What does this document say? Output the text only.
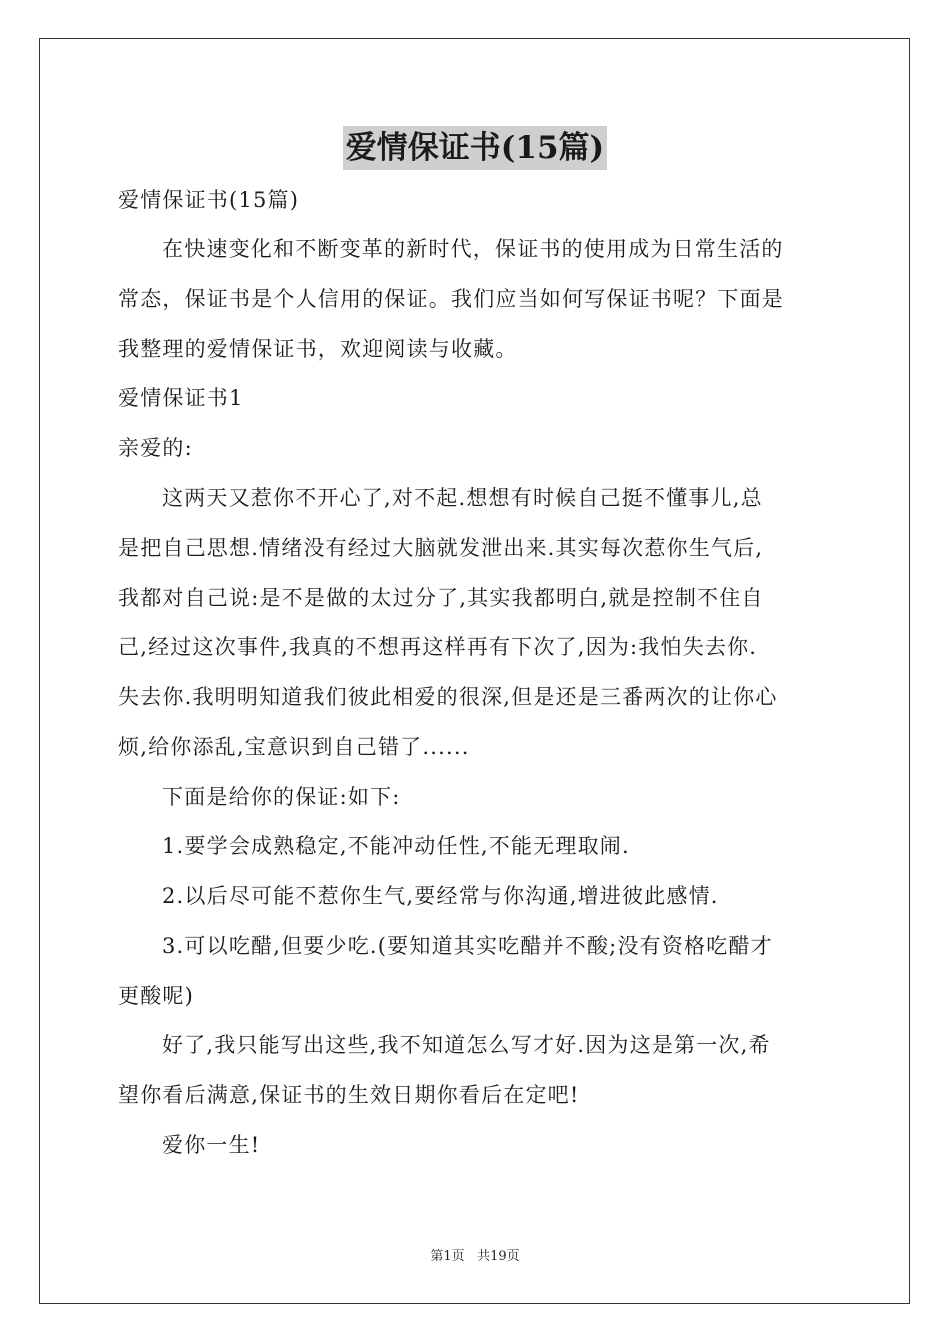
爱情保证书(15篇)
爱情保证书(15篇)
在快速变化和不断变革的新时代，保证书的使用成为日常生活的
常态，保证书是个人信用的保证。我们应当如何写保证书呢？下面是
我整理的爱情保证书，欢迎阅读与收藏。
爱情保证书1
亲爱的:
这两天又惹你不开心了,对不起.想想有时候自己挺不懂事儿,总
是把自己思想.情绪没有经过大脑就发泄出来.其实每次惹你生气后,
我都对自己说:是不是做的太过分了,其实我都明白,就是控制不住自
己,经过这次事件,我真的不想再这样再有下次了,因为:我怕失去你.
失去你.我明明知道我们彼此相爱的很深,但是还是三番两次的让你心
烦,给你添乱,宝意识到自己错了......
下面是给你的保证:如下:
1.要学会成熟稳定,不能冲动任性,不能无理取闹.
2.以后尽可能不惹你生气,要经常与你沟通,增进彼此感情.
3.可以吃醋,但要少吃.(要知道其实吃醋并不酸;没有资格吃醋才
更酸呢)
好了,我只能写出这些,我不知道怎么写才好.因为这是第一次,希
望你看后满意,保证书的生效日期你看后在定吧!
爱你一生!
第1页 共19页
